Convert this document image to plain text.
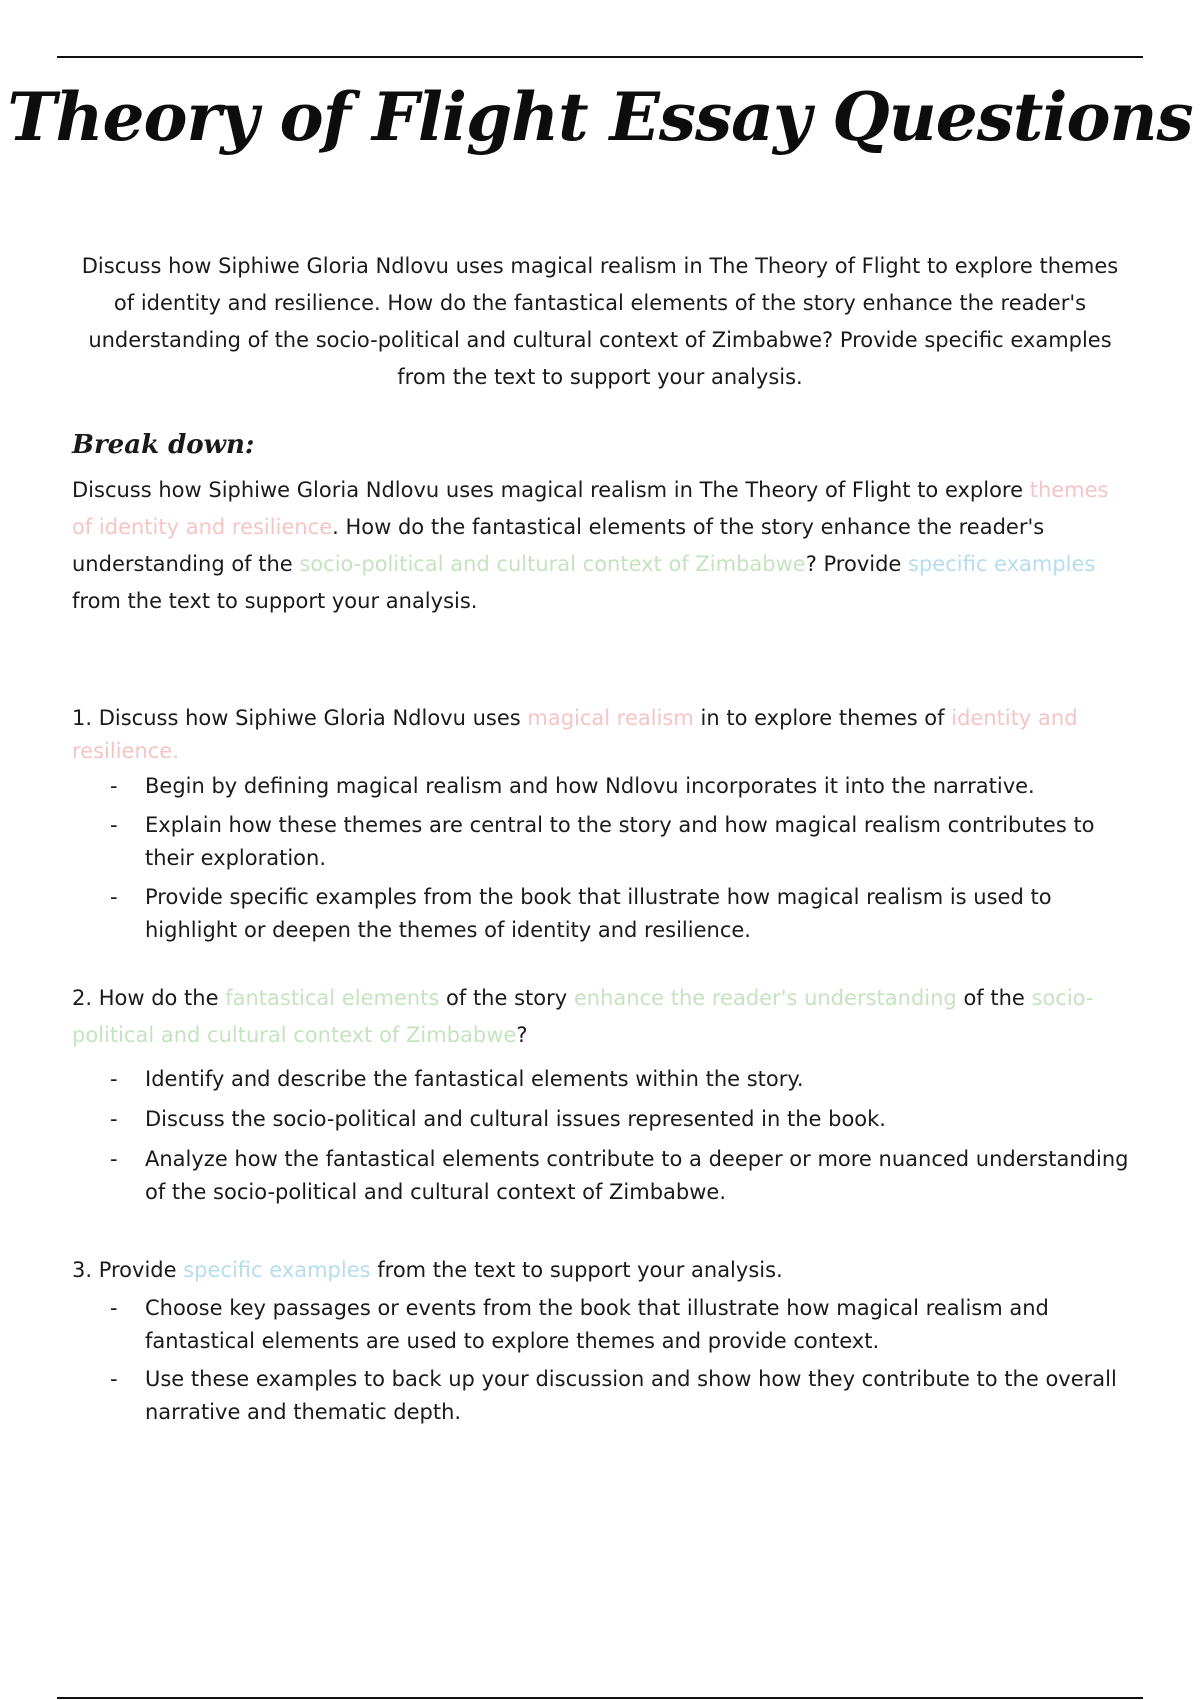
Theory of Flight Essay Questions

Discuss how Siphiwe Gloria Ndlovu uses magical realism in The Theory of Flight to explore themes of identity and resilience. How do the fantastical elements of the story enhance the reader's understanding of the socio-political and cultural context of Zimbabwe? Provide specific examples from the text to support your analysis.

Break down:

Discuss how Siphiwe Gloria Ndlovu uses magical realism in The Theory of Flight to explore themes of identity and resilience. How do the fantastical elements of the story enhance the reader's understanding of the socio-political and cultural context of Zimbabwe? Provide specific examples from the text to support your analysis.

1. Discuss how Siphiwe Gloria Ndlovu uses magical realism in to explore themes of identity and resilience.

- Begin by defining magical realism and how Ndlovu incorporates it into the narrative.
- Explain how these themes are central to the story and how magical realism contributes to their exploration.
- Provide specific examples from the book that illustrate how magical realism is used to highlight or deepen the themes of identity and resilience.

2. How do the fantastical elements of the story enhance the reader's understanding of the socio-political and cultural context of Zimbabwe?

- Identify and describe the fantastical elements within the story.
- Discuss the socio-political and cultural issues represented in the book.
- Analyze how the fantastical elements contribute to a deeper or more nuanced understanding of the socio-political and cultural context of Zimbabwe.

3. Provide specific examples from the text to support your analysis.

- Choose key passages or events from the book that illustrate how magical realism and fantastical elements are used to explore themes and provide context.
- Use these examples to back up your discussion and show how they contribute to the overall narrative and thematic depth.
